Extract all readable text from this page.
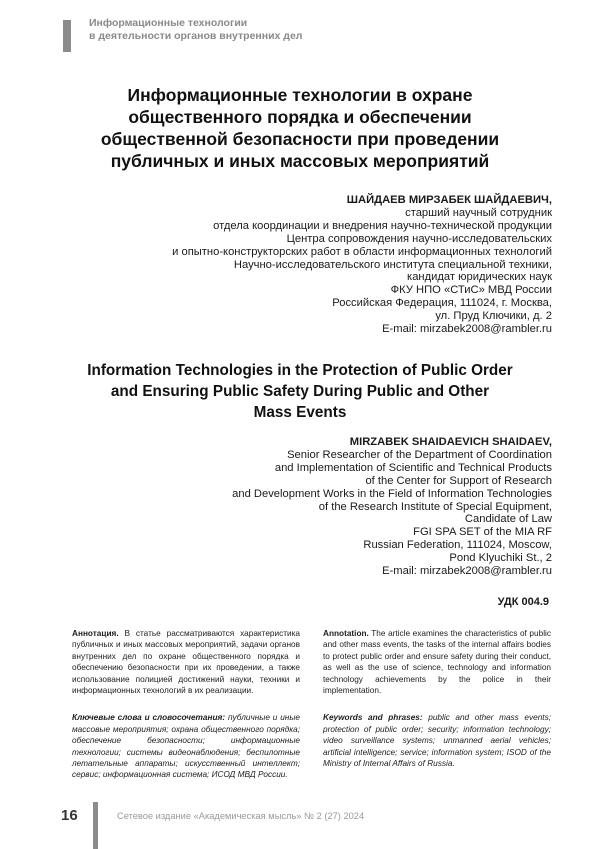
Информационные технологии
в деятельности органов внутренних дел
Информационные технологии в охране
общественного порядка и обеспечении
общественной безопасности при проведении
публичных и иных массовых мероприятий
ШАЙДАЕВ МИРЗАБЕК ШАЙДАЕВИЧ,
старший научный сотрудник
отдела координации и внедрения научно-технической продукции
Центра сопровождения научно-исследовательских
и опытно-конструкторских работ в области информационных технологий
Научно-исследовательского института специальной техники,
кандидат юридических наук
ФКУ НПО «СТиС» МВД России
Российская Федерация, 111024, г. Москва,
ул. Пруд Ключики, д. 2
E-mail: mirzabek2008@rambler.ru
Information Technologies in the Protection of Public Order
and Ensuring Public Safety During Public and Other
Mass Events
MIRZABEK SHAIDAEVICH SHAIDAEV,
Senior Researcher of the Department of Coordination
and Implementation of Scientific and Technical Products
of the Center for Support of Research
and Development Works in the Field of Information Technologies
of the Research Institute of Special Equipment,
Candidate of Law
FGI SPA SET of the MIA RF
Russian Federation, 111024, Moscow,
Pond Klyuchiki St., 2
E-mail: mirzabek2008@rambler.ru
УДК 004.9

Аннотация. В статье рассматриваются характеристика публичных и иных массовых мероприятий, задачи органов внутренних дел по охране общественного порядка и обеспечению безопасности при их проведении, а также использование полицией достижений науки, техники и информационных технологий в их реализации.

Ключевые слова и словосочетания: публичные и иные массовые мероприятия; охрана общественного порядка; обеспечение безопасности; информационные технологии; системы видеонаблюдения; беспилотные летательные аппараты; искусственный интеллект; сервис; информационная система; ИСОД МВД России.

Annotation. The article examines the characteristics of public and other mass events, the tasks of the internal affairs bodies to protect public order and ensure safety during their conduct, as well as the use of science, technology and information technology achievements by the police in their implementation.

Keywords and phrases: public and other mass events; protection of public order; security; information technology; video surveillance systems; unmanned aerial vehicles; artificial intelligence; service; information system; ISOD of the Ministry of Internal Affairs of Russia.

16	Сетевое издание «Академическая мысль» № 2 (27) 2024
